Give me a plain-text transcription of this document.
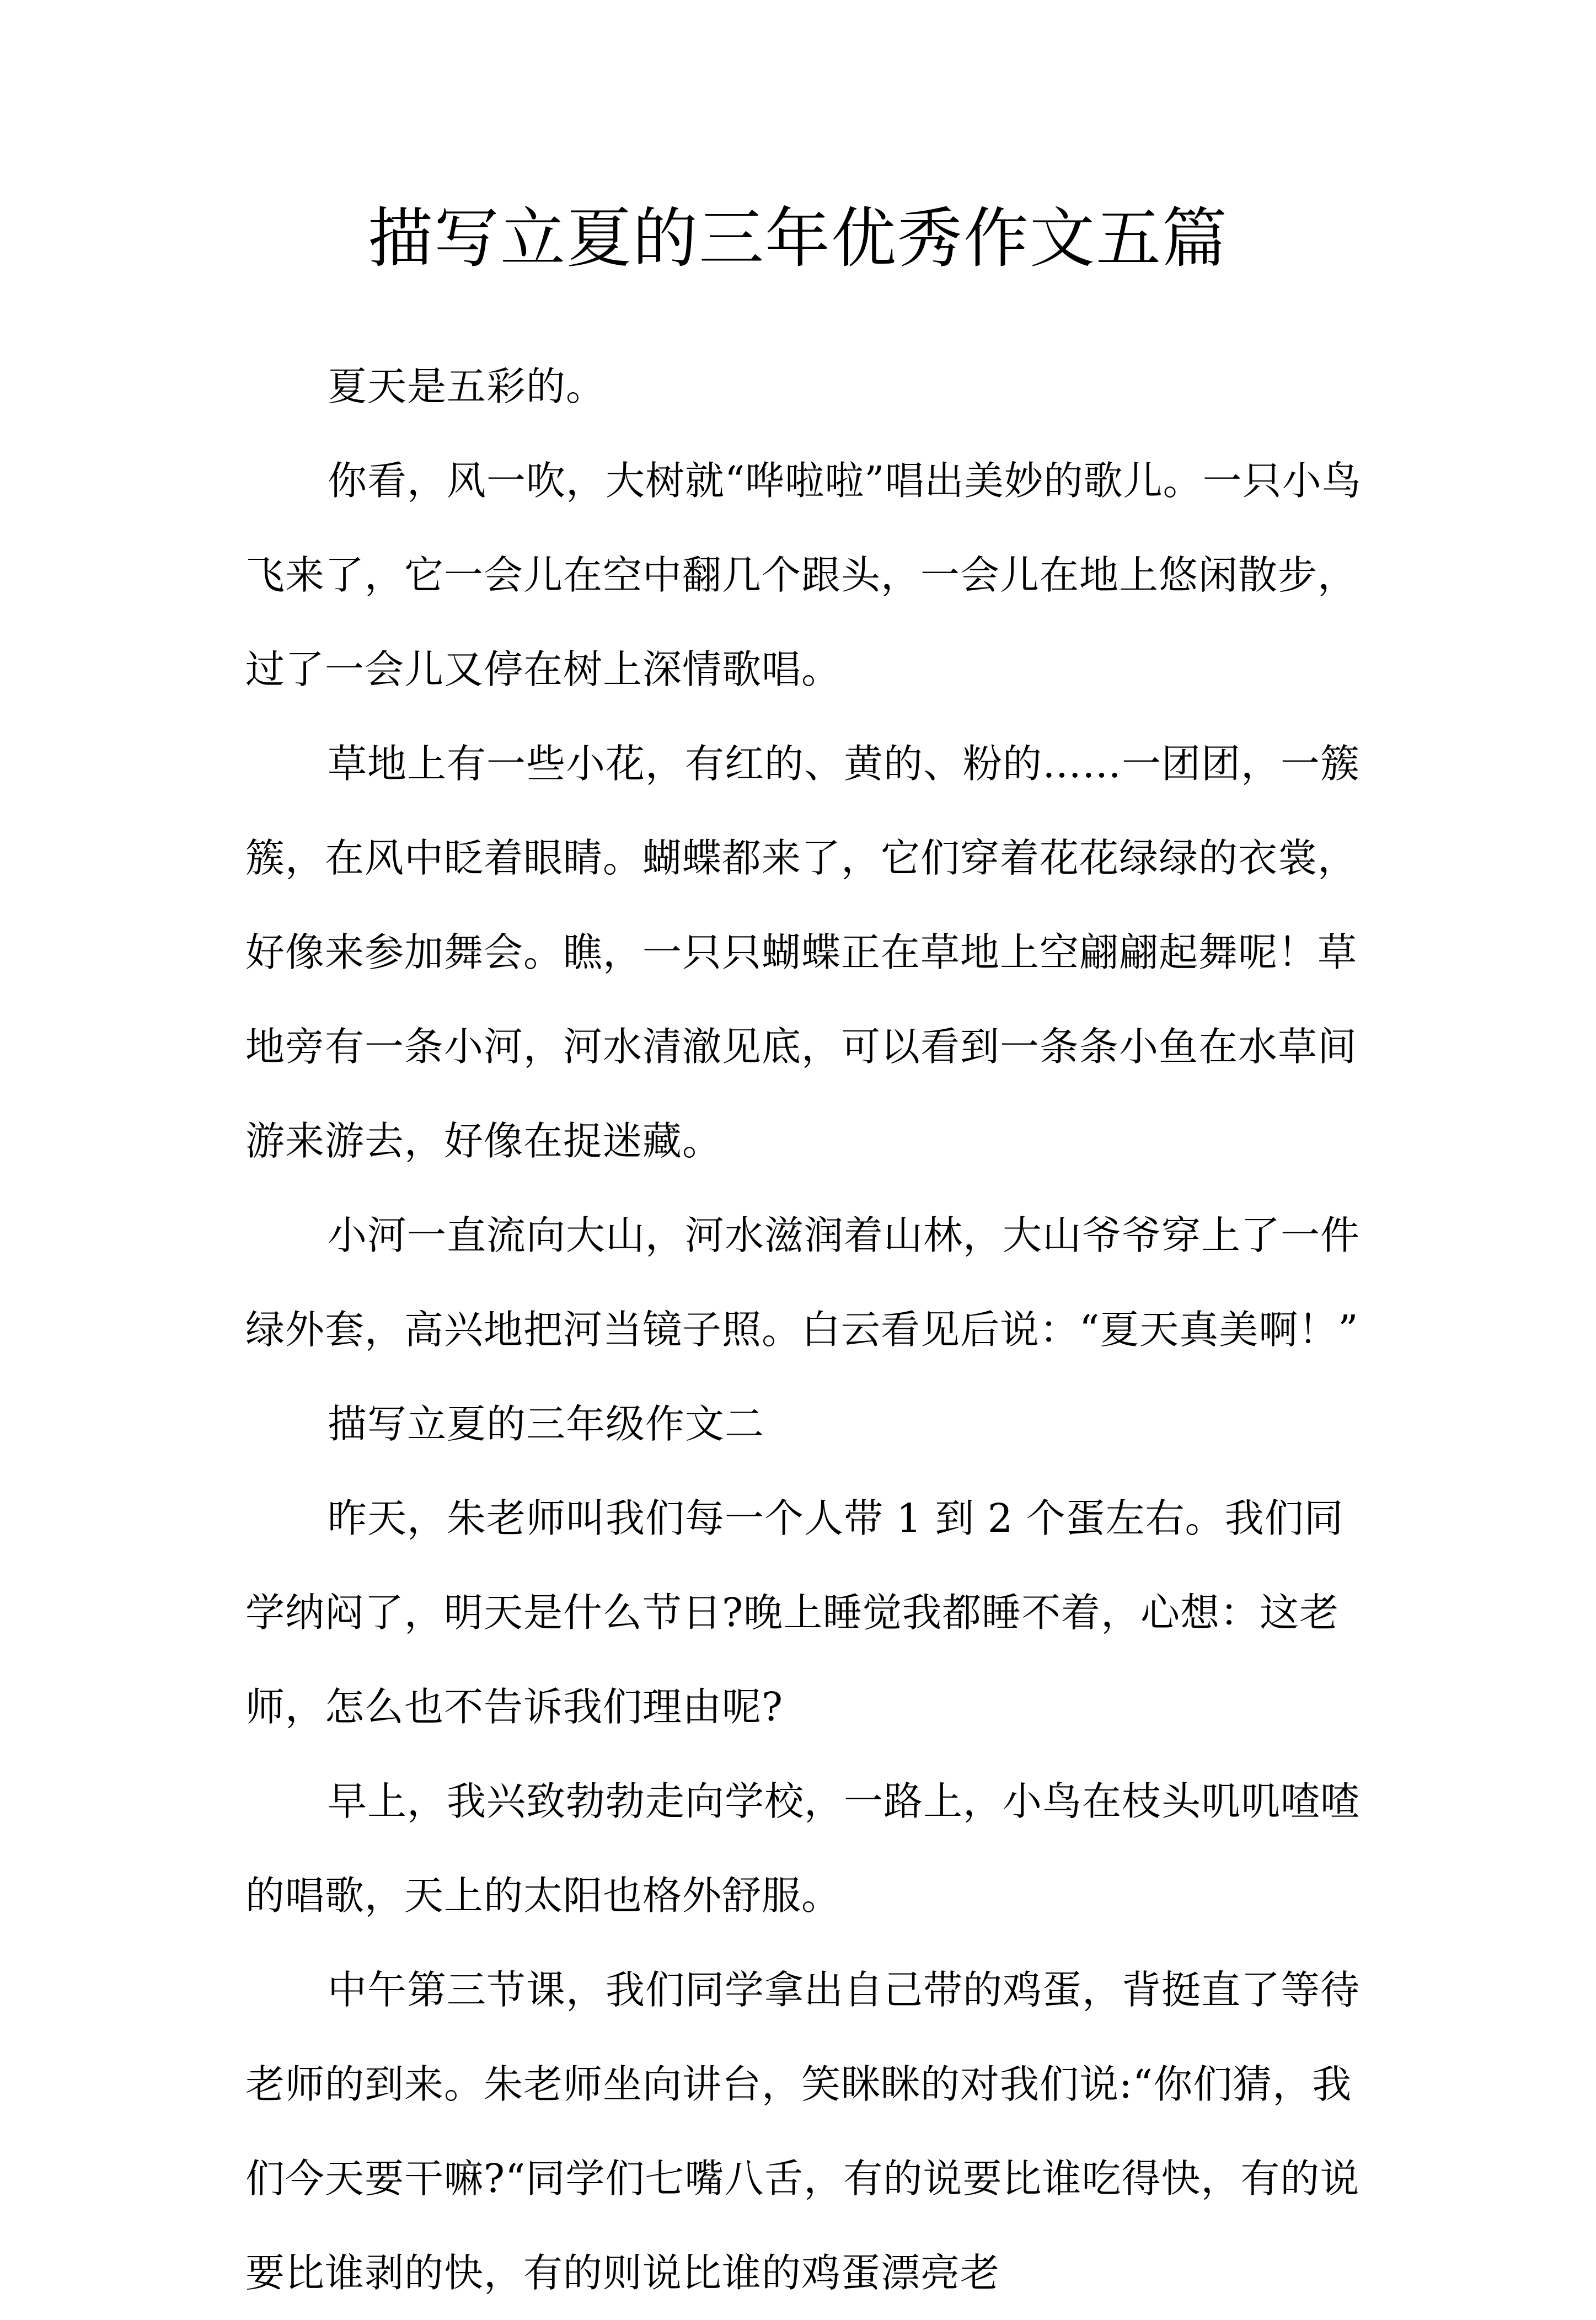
描写立夏的三年优秀作文五篇

夏天是五彩的。

你看，风一吹，大树就“哗啦啦”唱出美妙的歌儿。一只小鸟飞来了，它一会儿在空中翻几个跟头，一会儿在地上悠闲散步，过了一会儿又停在树上深情歌唱。

草地上有一些小花，有红的、黄的、粉的……一团团，一簇簇，在风中眨着眼睛。蝴蝶都来了，它们穿着花花绿绿的衣裳，好像来参加舞会。瞧，一只只蝴蝶正在草地上空翩翩起舞呢！草地旁有一条小河，河水清澈见底，可以看到一条条小鱼在水草间游来游去，好像在捉迷藏。

小河一直流向大山，河水滋润着山林，大山爷爷穿上了一件绿外套，高兴地把河当镜子照。白云看见后说：“夏天真美啊！”

描写立夏的三年级作文二

昨天，朱老师叫我们每一个人带 1 到 2 个蛋左右。我们同学纳闷了，明天是什么节日?晚上睡觉我都睡不着，心想：这老师，怎么也不告诉我们理由呢?

早上，我兴致勃勃走向学校，一路上，小鸟在枝头叽叽喳喳的唱歌，天上的太阳也格外舒服。

中午第三节课，我们同学拿出自己带的鸡蛋，背挺直了等待老师的到来。朱老师坐向讲台，笑眯眯的对我们说:“你们猜，我们今天要干嘛?“同学们七嘴八舌，有的说要比谁吃得快，有的说要比谁剥的快，有的则说比谁的鸡蛋漂亮老
